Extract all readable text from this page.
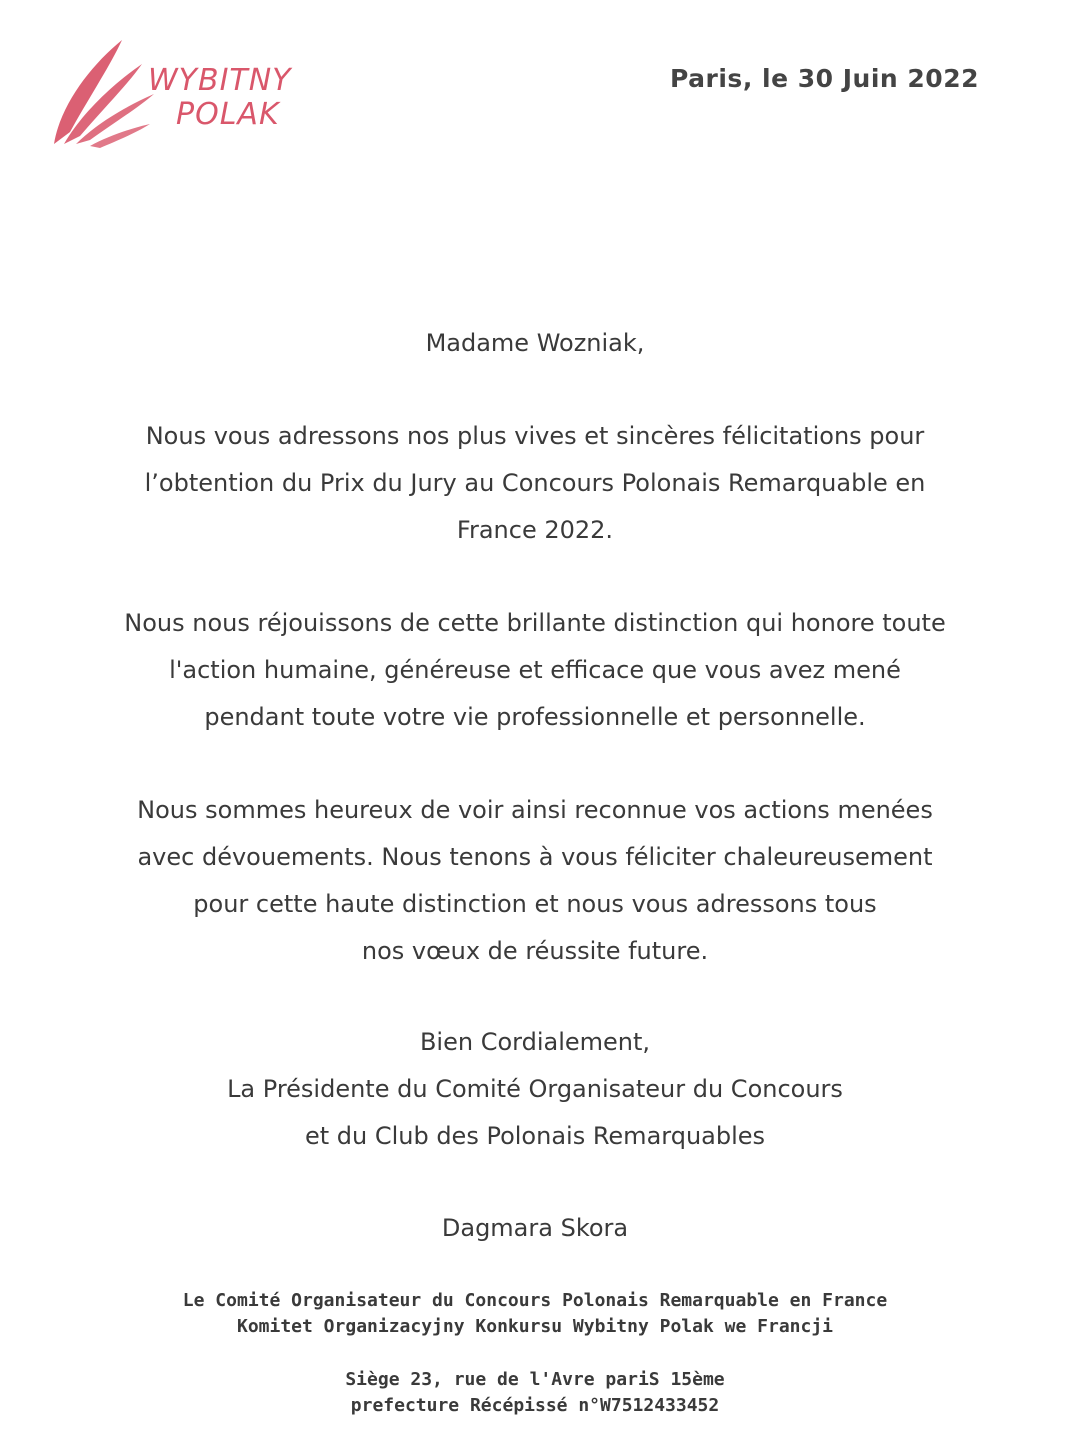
WYBITNY
POLAK
Paris, le 30 Juin 2022

Madame Wozniak,

Nous vous adressons nos plus vives et sincères félicitations pour

l’obtention du Prix du Jury au Concours Polonais Remarquable en

France 2022.

Nous nous réjouissons de cette brillante distinction qui honore toute

l'action humaine, généreuse et efficace que vous avez mené

pendant toute votre vie professionnelle et personnelle.

Nous sommes heureux de voir ainsi reconnue vos actions menées

avec dévouements. Nous tenons à vous féliciter chaleureusement

pour cette haute distinction et nous vous adressons tous

nos vœux de réussite future.

Bien Cordialement,

La Présidente du Comité Organisateur du Concours

et du Club des Polonais Remarquables

Dagmara Skora

Le Comité Organisateur du Concours Polonais Remarquable en France

Komitet Organizacyjny Konkursu Wybitny Polak we Francji

Siège 23, rue de l'Avre pariS 15ème

prefecture Récépissé n°W7512433452
